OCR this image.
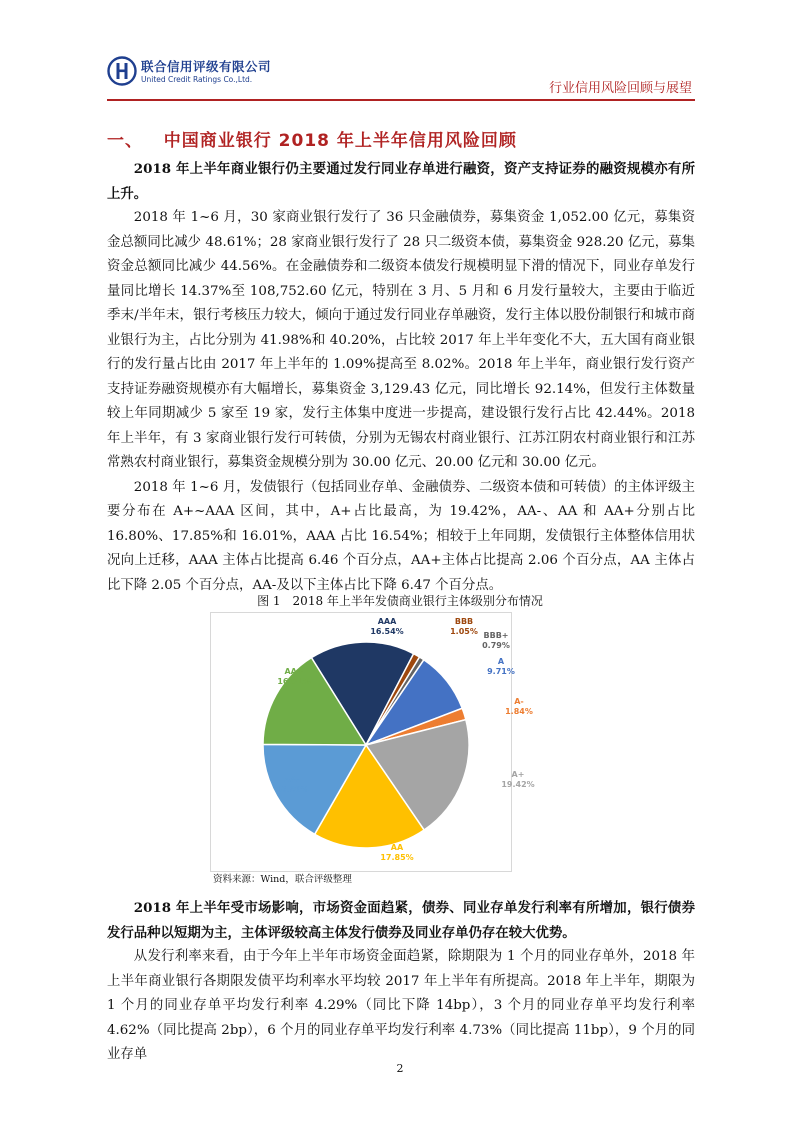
联合信用评级有限公司
United Credit Ratings Co.,Ltd.
行业信用风险回顾与展望
一、 中国商业银行 2018 年上半年信用风险回顾

2018 年上半年商业银行仍主要通过发行同业存单进行融资，资产支持证券的融资规模亦有所上升。

2018 年 1~6 月，30 家商业银行发行了 36 只金融债券，募集资金 1,052.00 亿元，募集资金总额同比减少 48.61%；28 家商业银行发行了 28 只二级资本债，募集资金 928.20 亿元，募集资金总额同比减少 44.56%。在金融债券和二级资本债发行规模明显下滑的情况下，同业存单发行量同比增长 14.37%至 108,752.60 亿元，特别在 3 月、5 月和 6 月发行量较大，主要由于临近季末/半年末，银行考核压力较大，倾向于通过发行同业存单融资，发行主体以股份制银行和城市商业银行为主，占比分别为 41.98%和 40.20%，占比较 2017 年上半年变化不大，五大国有商业银行的发行量占比由 2017 年上半年的 1.09%提高至 8.02%。2018 年上半年，商业银行发行资产支持证券融资规模亦有大幅增长，募集资金 3,129.43 亿元，同比增长 92.14%，但发行主体数量较上年同期减少 5 家至 19 家，发行主体集中度进一步提高，建设银行发行占比 42.44%。2018 年上半年，有 3 家商业银行发行可转债，分别为无锡农村商业银行、江苏江阴农村商业银行和江苏常熟农村商业银行，募集资金规模分别为 30.00 亿元、20.00 亿元和 30.00 亿元。

2018 年 1~6 月，发债银行（包括同业存单、金融债券、二级资本债和可转债）的主体评级主要分布在 A+~AAA 区间，其中，A+占比最高，为 19.42%，AA-、AA 和 AA+分别占比 16.80%、17.85%和 16.01%，AAA 占比 16.54%；相较于上年同期，发债银行主体整体信用状况向上迁移，AAA 主体占比提高 6.46 个百分点，AA+主体占比提高 2.06 个百分点，AA 主体占比下降 2.05 个百分点，AA-及以下主体占比下降 6.47 个百分点。

图 1　2018 年上半年发债商业银行主体级别分布情况
AAA
16.54%
BBB
1.05% BBB+
0.79%
A
9.71%
A-
1.84%
A+
19.42%
AA
17.85%
AA-
16.80%
AA+
16.01%
资料来源：Wind，联合评级整理

2018 年上半年受市场影响，市场资金面趋紧，债券、同业存单发行利率有所增加，银行债券发行品种以短期为主，主体评级较高主体发行债券及同业存单仍存在较大优势。

从发行利率来看，由于今年上半年市场资金面趋紧，除期限为 1 个月的同业存单外，2018 年上半年商业银行各期限发债平均利率水平均较 2017 年上半年有所提高。2018 年上半年，期限为 1 个月的同业存单平均发行利率 4.29%（同比下降 14bp），3 个月的同业存单平均发行利率 4.62%（同比提高 2bp），6 个月的同业存单平均发行利率 4.73%（同比提高 11bp），9 个月的同业存单

2
